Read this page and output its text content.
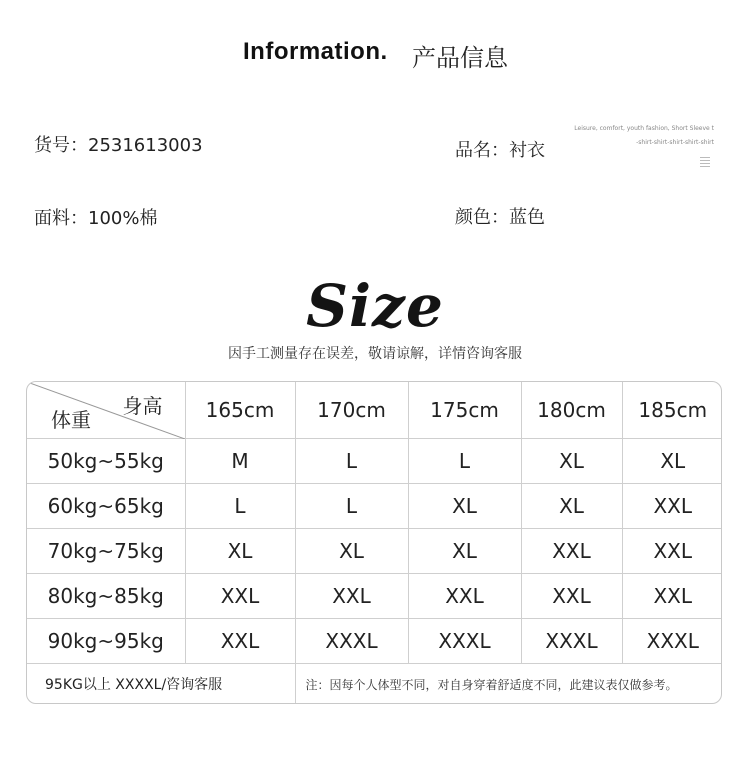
Information. 产品信息
货号：2531613003	品名：衬衣
面料：100%棉	颜色：蓝色
Leisure, comfort, youth fashion, Short Sleeve t
-shirt-shirt-shirt-shirt-shirt
Size
因手工测量存在误差，敬请谅解，详情咨询客服
身高
体重	165cm	170cm	175cm	180cm	185cm
50kg~55kg	M	L	L	XL	XL
60kg~65kg	L	L	XL	XL	XXL
70kg~75kg	XL	XL	XL	XXL	XXL
80kg~85kg	XXL	XXL	XXL	XXL	XXL
90kg~95kg	XXL	XXXL	XXXL	XXXL	XXXL
95KG以上 XXXXL/咨询客服		注：因每个人体型不同，对自身穿着舒适度不同，此建议表仅做参考。			
